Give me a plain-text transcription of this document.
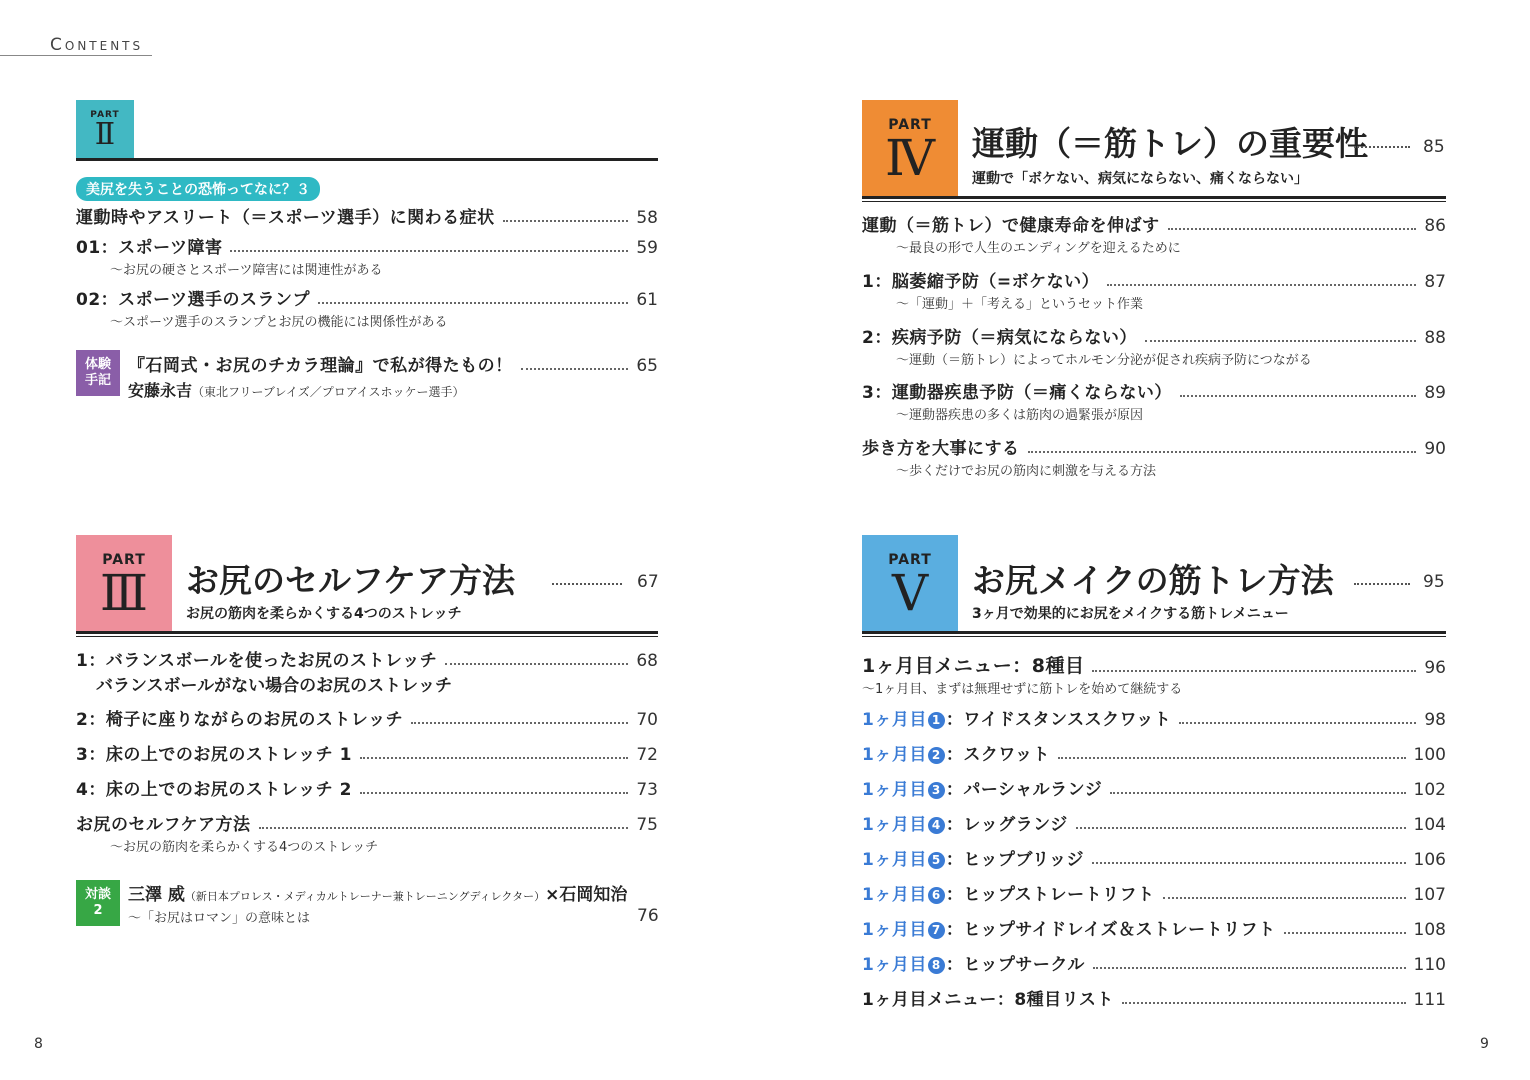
Contents
8	9
PART
Ⅱ
美尻を失うことの恐怖ってなに？３
運動時やアスリート（＝スポーツ選手）に関わる症状	58
01：スポーツ障害	59
～お尻の硬さとスポーツ障害には関連性がある
02：スポーツ選手のスランプ	61
～スポーツ選手のスランプとお尻の機能には関係性がある
体験
手記
『石岡式・お尻のチカラ理論』で私が得たもの！	65
安藤永吉（東北フリーブレイズ／プロアイスホッケー選手）
PART
Ⅲ お尻のセルフケア方法	67
お尻の筋肉を柔らかくする4つのストレッチ
1：バランスボールを使ったお尻のストレッチ	68
バランスボールがない場合のお尻のストレッチ
2：椅子に座りながらのお尻のストレッチ	70
3：床の上でのお尻のストレッチ 1	72
4：床の上でのお尻のストレッチ 2	73
お尻のセルフケア方法	75
～お尻の筋肉を柔らかくする4つのストレッチ
対談
2
三澤 威（新日本プロレス・メディカルトレーナー兼トレーニングディレクター）×石岡知治
～「お尻はロマン」の意味とは	76
PART
Ⅳ 運動（＝筋トレ）の重要性	85
運動で「ボケない、病気にならない、痛くならない」
運動（＝筋トレ）で健康寿命を伸ばす	86
～最良の形で人生のエンディングを迎えるために
1：脳萎縮予防（=ボケない）	87
～「運動」＋「考える」というセット作業
2：疾病予防（＝病気にならない）	88
～運動（＝筋トレ）によってホルモン分泌が促され疾病予防につながる
3：運動器疾患予防（＝痛くならない）	89
～運動器疾患の多くは筋肉の過緊張が原因
歩き方を大事にする	90
～歩くだけでお尻の筋肉に刺激を与える方法
PART
Ⅴ お尻メイクの筋トレ方法	95
3ヶ月で効果的にお尻をメイクする筋トレメニュー
1ヶ月目メニュー：8種目	96
～1ヶ月目、まずは無理せずに筋トレを始めて継続する
1ヶ月目 1 ：ワイドスタンススクワット	98
1ヶ月目 2 ：スクワット	100
1ヶ月目 3 ：パーシャルランジ	102
1ヶ月目 4 ：レッグランジ	104
1ヶ月目 5 ：ヒップブリッジ	106
1ヶ月目 6 ：ヒップストレートリフト	107
1ヶ月目 7 ：ヒップサイドレイズ＆ストレートリフト	108
1ヶ月目 8 ：ヒップサークル	110
1ヶ月目メニュー：8種目リスト	111
